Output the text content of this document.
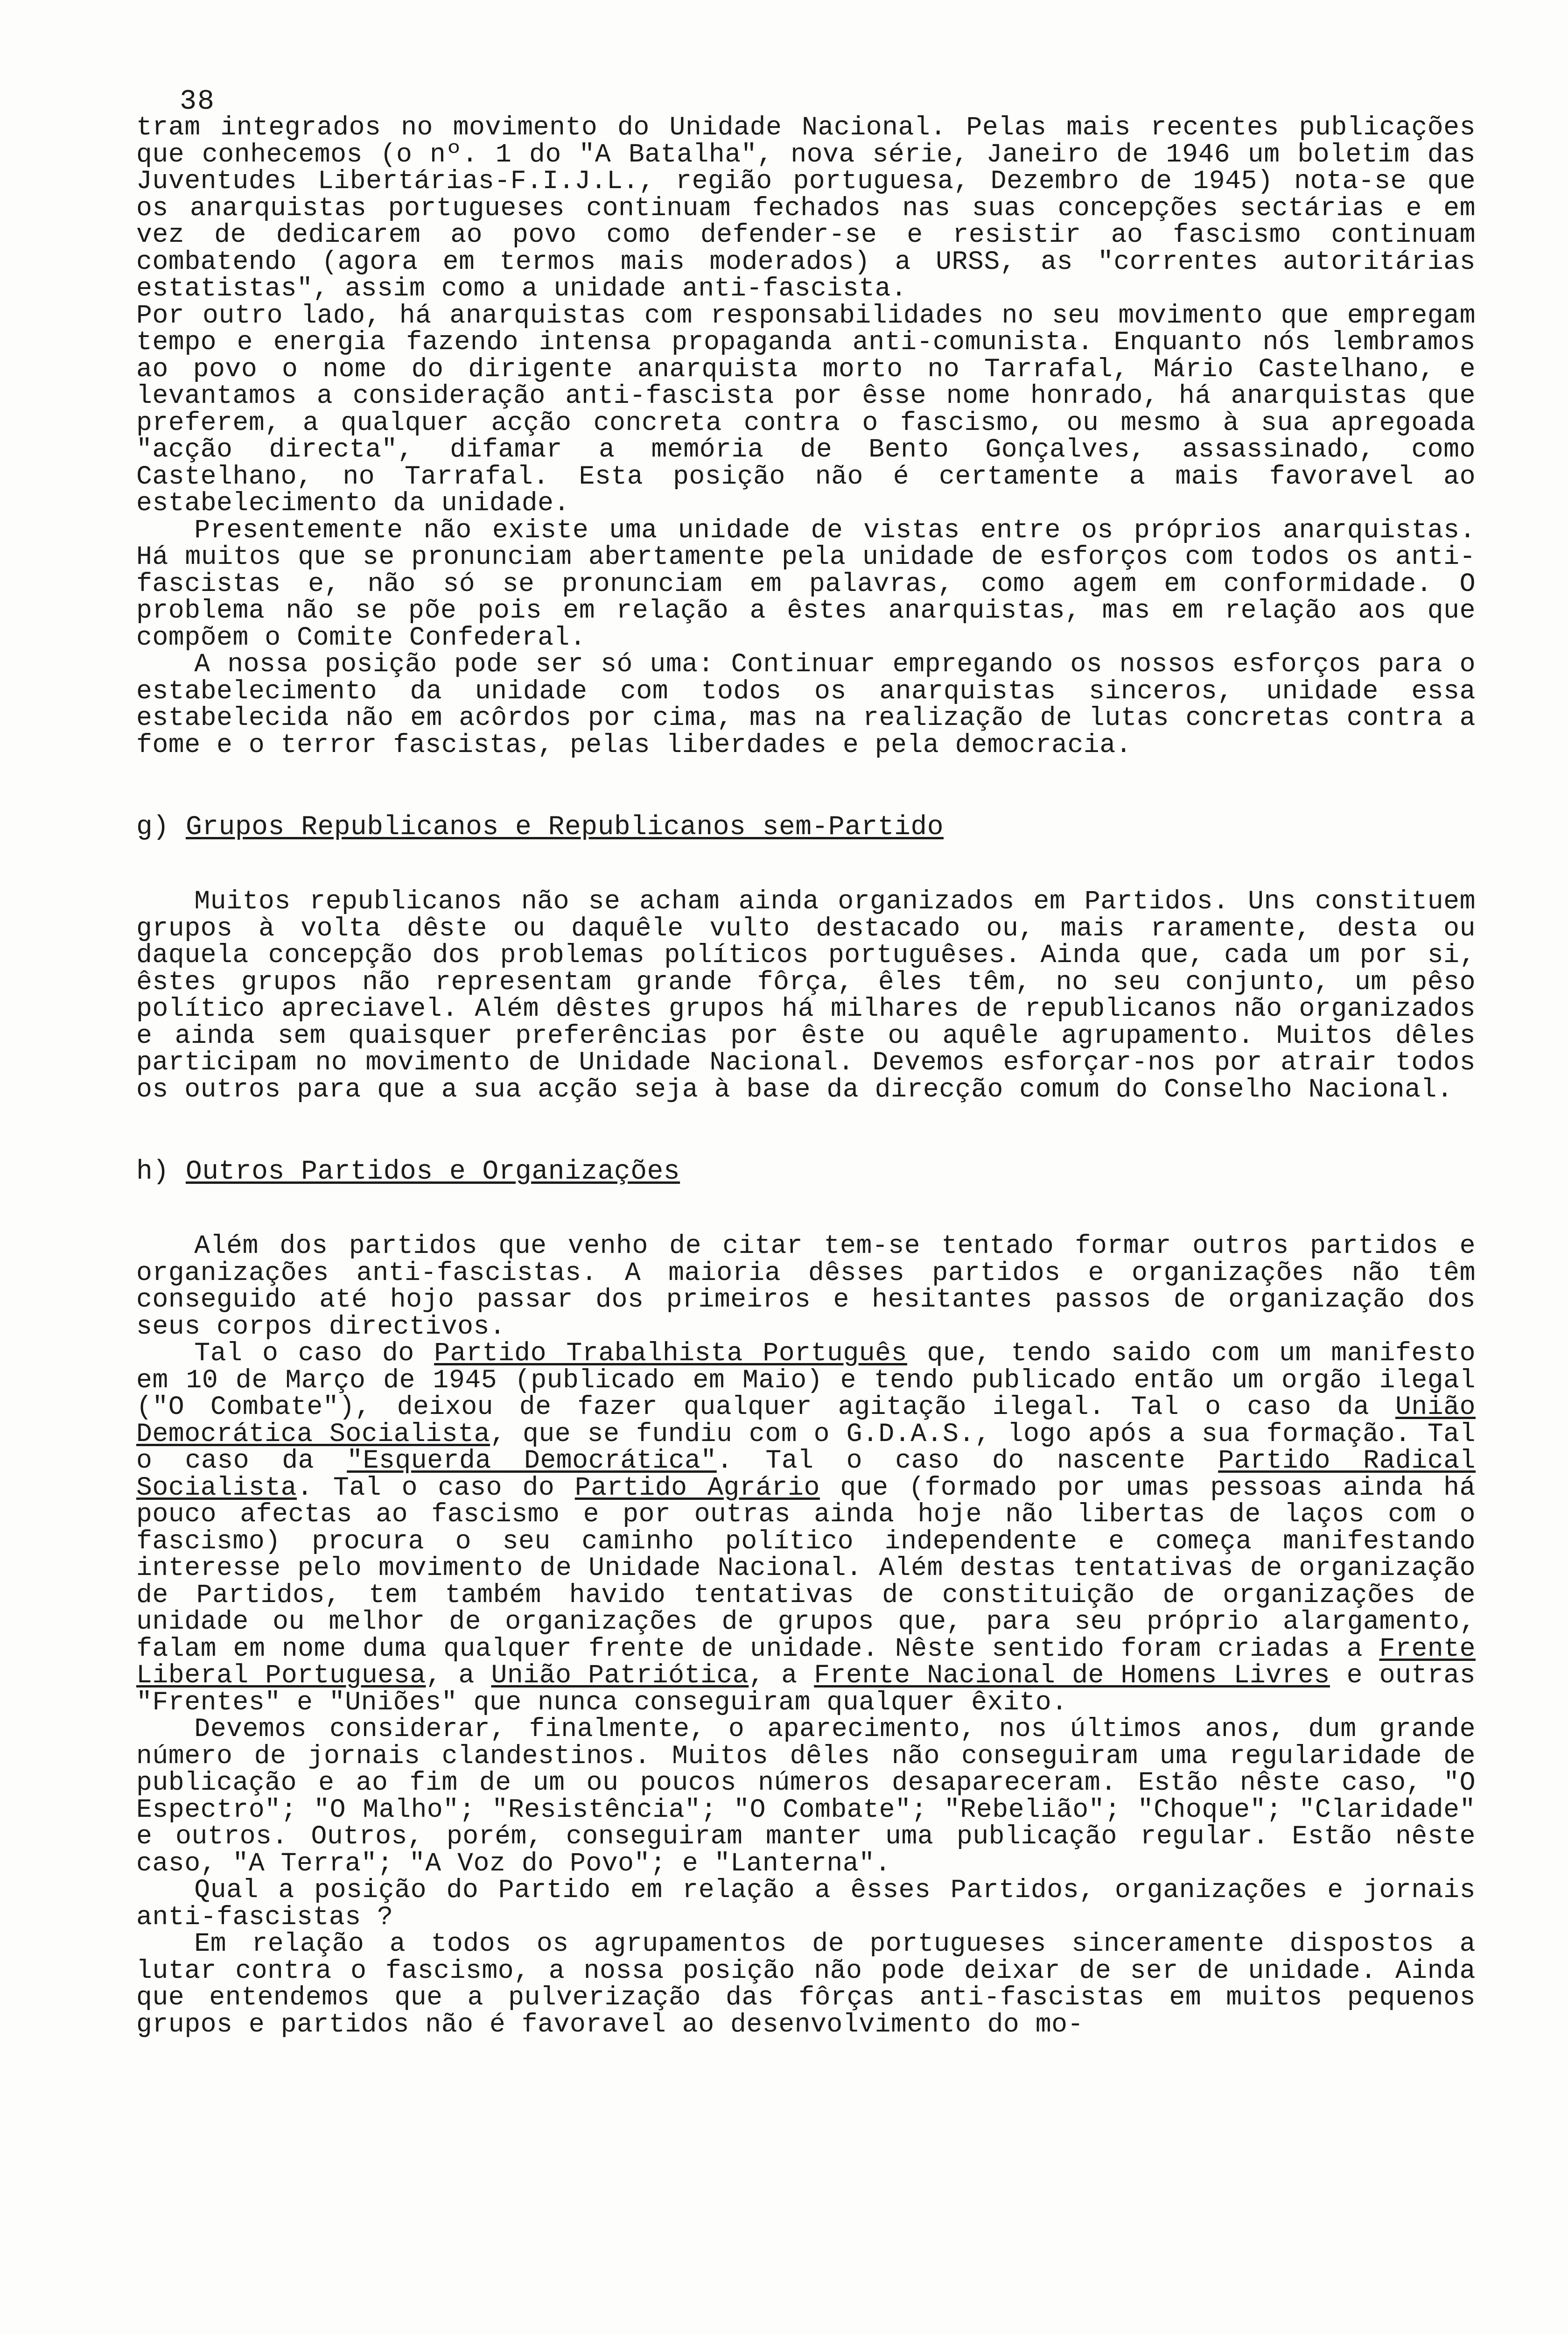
38

tram integrados no movimento do Unidade Nacional. Pelas mais recentes publicações que conhecemos (o nº. 1 do "A Batalha", nova série, Janeiro de 1946 um boletim das Juventudes Libertárias-F.I.J.L., região portuguesa, Dezembro de 1945) nota-se que os anarquistas portugueses continuam fechados nas suas concepções sectárias e em vez de dedicarem ao povo como defender-se e resistir ao fascismo continuam combatendo (agora em termos mais moderados) a URSS, as "correntes autoritárias estatistas", assim como a unidade anti-fascista.

Por outro lado, há anarquistas com responsabilidades no seu movimento que empregam tempo e energia fazendo intensa propaganda anti-comunista. Enquanto nós lembramos ao povo o nome do dirigente anarquista morto no Tarrafal, Mário Castelhano, e levantamos a consideração anti-fascista por êsse nome honrado, há anarquistas que preferem, a qualquer acção concreta contra o fascismo, ou mesmo à sua apregoada "acção directa", difamar a memória de Bento Gonçalves, assassinado, como Castelhano, no Tarrafal. Esta posição não é certamente a mais favoravel ao estabelecimento da unidade.

Presentemente não existe uma unidade de vistas entre os próprios anarquistas. Há muitos que se pronunciam abertamente pela unidade de esforços com todos os anti-fascistas e, não só se pronunciam em palavras, como agem em conformidade. O problema não se põe pois em relação a êstes anarquistas, mas em relação aos que compõem o Comite Confederal.

A nossa posição pode ser só uma: Continuar empregando os nossos esforços para o estabelecimento da unidade com todos os anarquistas sinceros, unidade essa estabelecida não em acôrdos por cima, mas na realização de lutas concretas contra a fome e o terror fascistas, pelas liberdades e pela democracia.

g) Grupos Republicanos e Republicanos sem-Partido

Muitos republicanos não se acham ainda organizados em Partidos. Uns constituem grupos à volta dêste ou daquêle vulto destacado ou, mais raramente, desta ou daquela concepção dos problemas políticos portuguêses. Ainda que, cada um por si, êstes grupos não representam grande fôrça, êles têm, no seu conjunto, um pêso político apreciavel. Além dêstes grupos há milhares de republicanos não organizados e ainda sem quaisquer preferências por êste ou aquêle agrupamento. Muitos dêles participam no movimento de Unidade Nacional. Devemos esforçar-nos por atrair todos os outros para que a sua acção seja à base da direcção comum do Conselho Nacional.

h) Outros Partidos e Organizações

Além dos partidos que venho de citar tem-se tentado formar outros partidos e organizações anti-fascistas. A maioria dêsses partidos e organizações não têm conseguido até hojo passar dos primeiros e hesitantes passos de organização dos seus corpos directivos.

Tal o caso do Partido Trabalhista Português que, tendo saido com um manifesto em 10 de Março de 1945 (publicado em Maio) e tendo publicado então um orgão ilegal ("O Combate"), deixou de fazer qualquer agitação ilegal. Tal o caso da União Democrática Socialista, que se fundiu com o G.D.A.S., logo após a sua formação. Tal o caso da "Esquerda Democrática". Tal o caso do nascente Partido Radical Socialista. Tal o caso do Partido Agrário que (formado por umas pessoas ainda há pouco afectas ao fascismo e por outras ainda hoje não libertas de laços com o fascismo) procura o seu caminho político independente e começa manifestando interesse pelo movimento de Unidade Nacional. Além destas tentativas de organização de Partidos, tem também havido tentativas de constituição de organizações de unidade ou melhor de organizações de grupos que, para seu próprio alargamento, falam em nome duma qualquer frente de unidade. Nêste sentido foram criadas a Frente Liberal Portuguesa, a União Patriótica, a Frente Nacional de Homens Livres e outras "Frentes" e "Uniões" que nunca conseguiram qualquer êxito.

Devemos considerar, finalmente, o aparecimento, nos últimos anos, dum grande número de jornais clandestinos. Muitos dêles não conseguiram uma regularidade de publicação e ao fim de um ou poucos números desapareceram. Estão nêste caso, "O Espectro"; "O Malho"; "Resistência"; "O Combate"; "Rebelião"; "Choque"; "Claridade" e outros. Outros, porém, conseguiram manter uma publicação regular. Estão nêste caso, "A Terra"; "A Voz do Povo"; e "Lanterna".

Qual a posição do Partido em relação a êsses Partidos, organizações e jornais anti-fascistas ?

Em relação a todos os agrupamentos de portugueses sinceramente dispostos a lutar contra o fascismo, a nossa posição não pode deixar de ser de unidade. Ainda que entendemos que a pulverização das fôrças anti-fascistas em muitos pequenos grupos e partidos não é favoravel ao desenvolvimento do mo-
